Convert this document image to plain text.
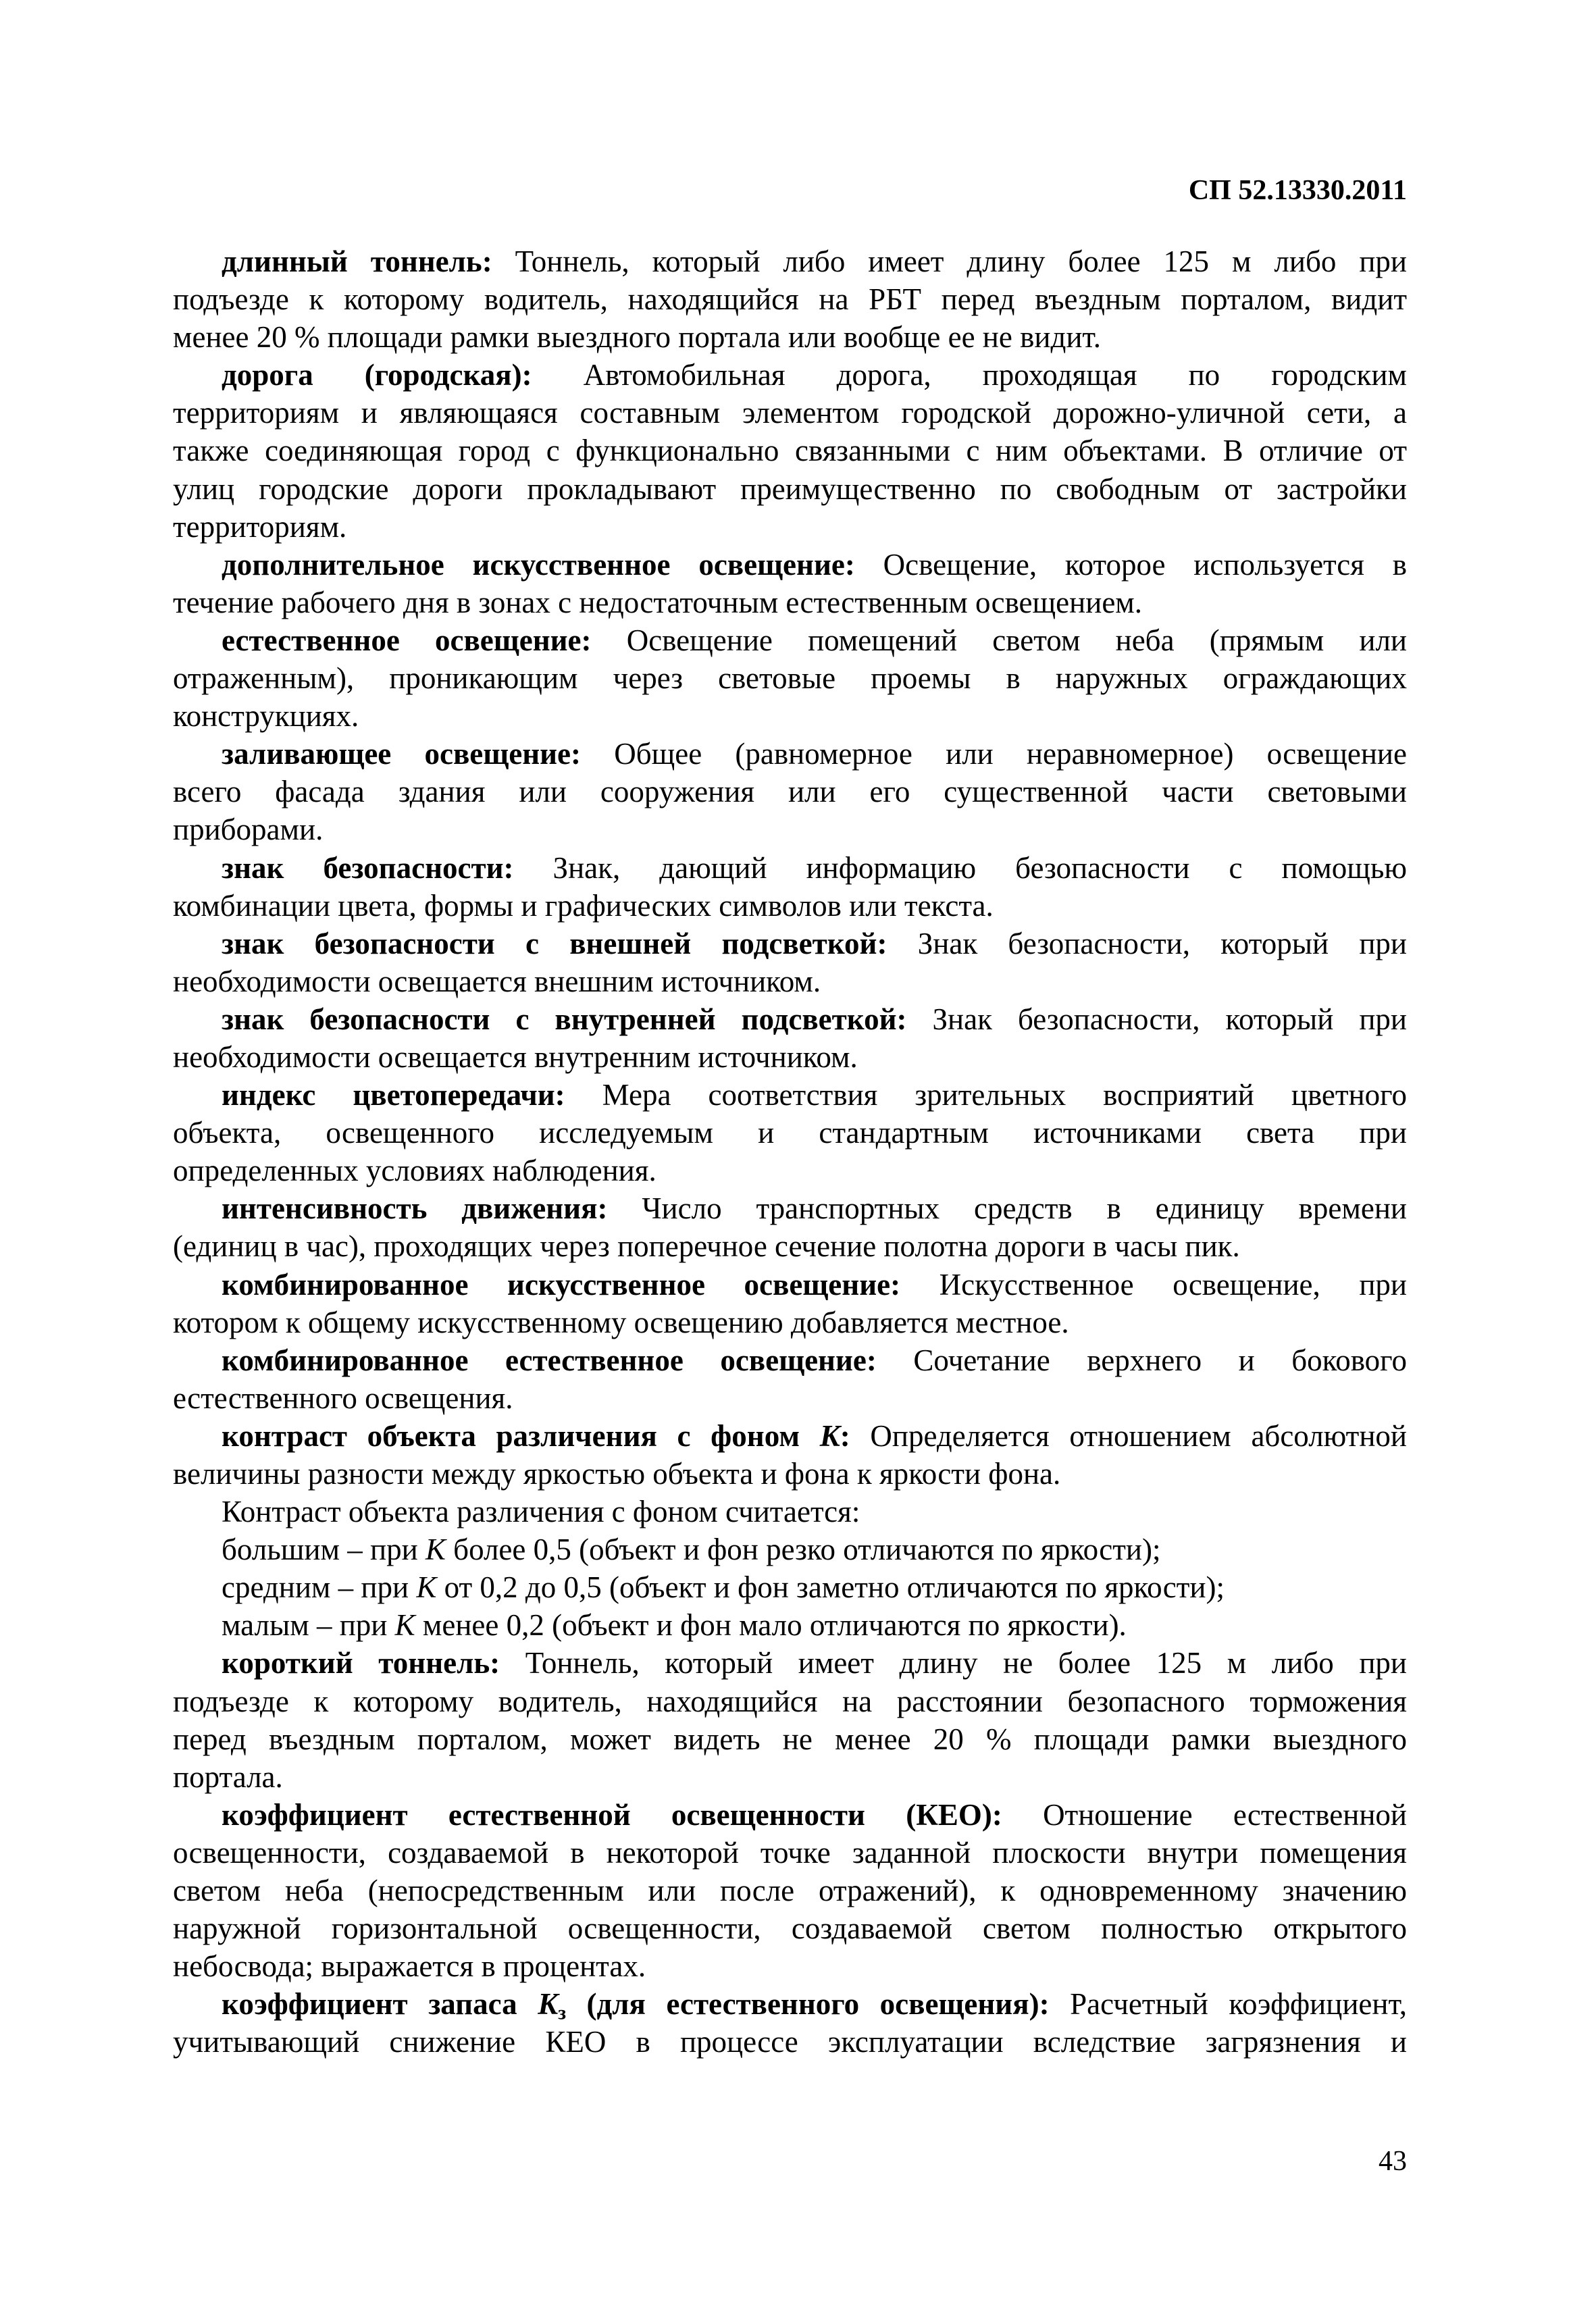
СП 52.13330.2011
длинный тоннель: Тоннель, который либо имеет длину более 125 м либо при
подъезде к которому водитель, находящийся на РБТ перед въездным порталом, видит
менее 20 % площади рамки выездного портала или вообще ее не видит.
дорога (городская): Автомобильная дорога, проходящая по городским
территориям и являющаяся составным элементом городской дорожно-уличной сети, а
также соединяющая город с функционально связанными с ним объектами. В отличие от
улиц городские дороги прокладывают преимущественно по свободным от застройки
территориям.
дополнительное искусственное освещение: Освещение, которое используется в
течение рабочего дня в зонах с недостаточным естественным освещением.
естественное освещение: Освещение помещений светом неба (прямым или
отраженным), проникающим через световые проемы в наружных ограждающих
конструкциях.
заливающее освещение: Общее (равномерное или неравномерное) освещение
всего фасада здания или сооружения или его существенной части световыми
приборами.
знак безопасности: Знак, дающий информацию безопасности с помощью
комбинации цвета, формы и графических символов или текста.
знак безопасности с внешней подсветкой: Знак безопасности, который при
необходимости освещается внешним источником.
знак безопасности с внутренней подсветкой: Знак безопасности, который при
необходимости освещается внутренним источником.
индекс цветопередачи: Мера соответствия зрительных восприятий цветного
объекта, освещенного исследуемым и стандартным источниками света при
определенных условиях наблюдения.
интенсивность движения: Число транспортных средств в единицу времени
(единиц в час), проходящих через поперечное сечение полотна дороги в часы пик.
комбинированное искусственное освещение: Искусственное освещение, при
котором к общему искусственному освещению добавляется местное.
комбинированное естественное освещение: Сочетание верхнего и бокового
естественного освещения.
контраст объекта различения с фоном K: Определяется отношением абсолютной
величины разности между яркостью объекта и фона к яркости фона.
Контраст объекта различения с фоном считается:
большим – при K более 0,5 (объект и фон резко отличаются по яркости);
средним – при K от 0,2 до 0,5 (объект и фон заметно отличаются по яркости);
малым – при K менее 0,2 (объект и фон мало отличаются по яркости).
короткий тоннель: Тоннель, который имеет длину не более 125 м либо при
подъезде к которому водитель, находящийся на расстоянии безопасного торможения
перед въездным порталом, может видеть не менее 20 % площади рамки выездного
портала.
коэффициент естественной освещенности (КЕО): Отношение естественной
освещенности, создаваемой в некоторой точке заданной плоскости внутри помещения
светом неба (непосредственным или после отражений), к одновременному значению
наружной горизонтальной освещенности, создаваемой светом полностью открытого
небосвода; выражается в процентах.
коэффициент запаса $K_з$ (для естественного освещения): Расчетный коэффициент,
учитывающий снижение КЕО в процессе эксплуатации вследствие загрязнения и
43
